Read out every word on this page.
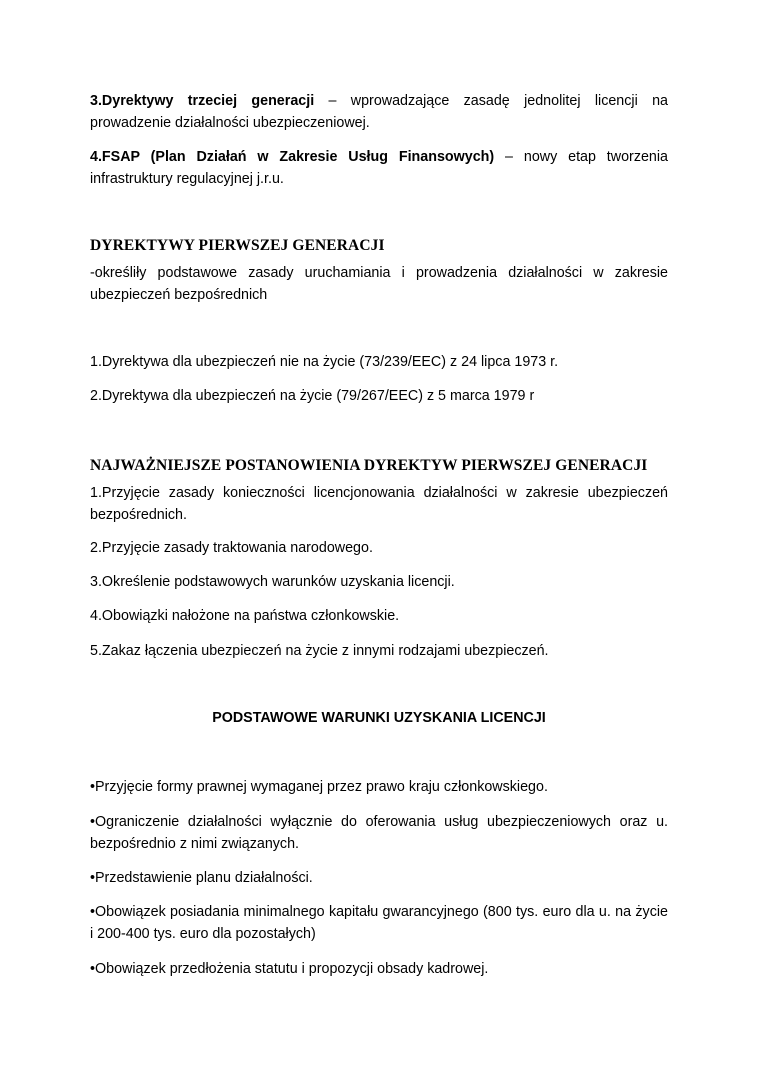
3.Dyrektywy trzeciej generacji – wprowadzające zasadę jednolitej licencji na prowadzenie działalności ubezpieczeniowej.

4.FSAP (Plan Działań w Zakresie Usług Finansowych) – nowy etap tworzenia infrastruktury regulacyjnej j.r.u.

DYREKTYWY PIERWSZEJ GENERACJI

-określiły podstawowe zasady uruchamiania i prowadzenia działalności w zakresie ubezpieczeń bezpośrednich

1.Dyrektywa dla ubezpieczeń nie na życie (73/239/EEC) z 24 lipca 1973 r.

2.Dyrektywa dla ubezpieczeń na życie (79/267/EEC) z 5 marca 1979 r

NAJWAŻNIEJSZE POSTANOWIENIA DYREKTYW PIERWSZEJ GENERACJI

1.Przyjęcie zasady konieczności licencjonowania działalności w zakresie ubezpieczeń bezpośrednich.

2.Przyjęcie zasady traktowania narodowego.

3.Określenie podstawowych warunków uzyskania licencji.

4.Obowiązki nałożone na państwa członkowskie.

5.Zakaz łączenia ubezpieczeń na życie z innymi rodzajami ubezpieczeń.

PODSTAWOWE WARUNKI UZYSKANIA LICENCJI

•Przyjęcie formy prawnej wymaganej przez prawo kraju członkowskiego.

•Ograniczenie działalności wyłącznie do oferowania usług ubezpieczeniowych oraz u. bezpośrednio z nimi związanych.

•Przedstawienie planu działalności.

•Obowiązek posiadania minimalnego kapitału gwarancyjnego (800 tys. euro dla u. na życie i 200-400 tys. euro dla pozostałych)

•Obowiązek przedłożenia statutu i propozycji obsady kadrowej.
